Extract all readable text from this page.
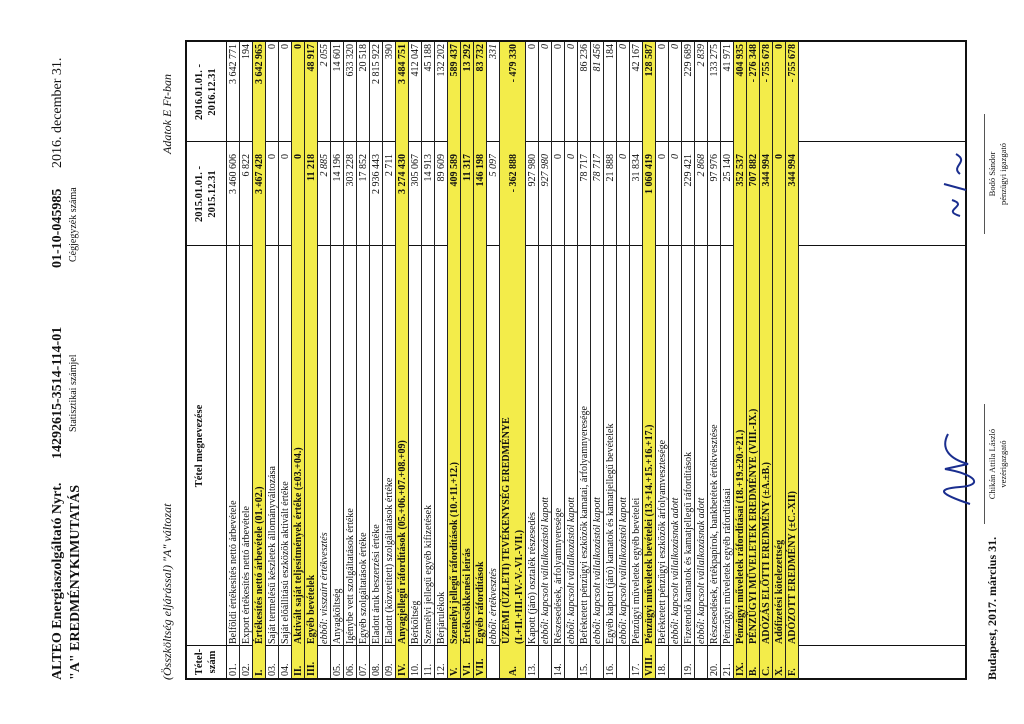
ALTEO Energiaszolgáltató Nyrt. "A" EREDMÉNYKIMUTATÁS
14292615-3514-114-01 Statisztikai számjel
01-10-045985 Cégjegyzék száma
2016. december 31.
(Összköltség eljárással) "A" változat
Adatok E Ft-ban
Tétel-
szám
Tétel megnevezése
2015.01.01. -
2015.12.31
2016.01.01. -
2016.12.31
01.
Belföldi értékesítés nettó árbevétele
3 460 606
3 642 771
02.
Export értékesítés nettó árbevétele
6 822
194
I.
Értékesítés nettó árbevétele (01.+02.)
3 467 428
3 642 965
03.
Saját termelésű készletek állományváltozása
0
0
04.
Saját előállítású eszközök aktivált értéke
0
0
II.
Aktivált saját teljesítmények értéke (±03.+04.)
0
0
III.
Egyéb bevételek
11 218
48 917
ebből: visszaírt értékvesztés
2 885
2 055
05.
Anyagköltség
14 196
14 601
06.
Igénybe vett szolgáltatások értéke
303 228
633 320
07.
Egyéb szolgáltatások értéke
17 852
20 518
08.
Eladott áruk beszerzési értéke
2 936 443
2 815 922
09.
Eladott (közvetített) szolgáltatások értéke
2 711
390
IV.
Anyagjellegű ráfordítások (05.+06.+07.+08.+09)
3 274 430
3 484 751
10.
Bérköltség
305 067
412 047
11.
Személyi jellegű egyéb kifizetések
14 913
45 188
12.
Bérjárulékok
89 609
132 202
V.
Személyi jellegű ráfordítások (10.+11.+12.)
409 589
589 437
VI.
Értékcsökkenési leírás
11 317
13 292
VII.
Egyéb ráfordítások
146 198
83 732
ebből: értékvesztés
5 097
331
A.
ÜZEMI (ÜZLETI) TEVÉKENYSÉG EREDMÉNYE
(I.+II.+III.-IV.-V.-VI.-VII.)
- 362 888
- 479 330
13.
Kapott (járó) osztalék részesedés
927 980
0
ebből: kapcsolt vállalkozástól kapott
927 980
0
14.
Részesedések, árfolyamnyeresége
0
0
ebből: kapcsolt vállalkozástól kapott
0
0
15.
Befektetett pénzügyi eszközök kamatai, árfolyamnyeresége
78 717
86 236
ebből: kapcsolt vállalkozástól kapott
78 717
81 456
16.
Egyéb kapott (járó) kamatok és kamatjellegű bevételek
21 888
184
ebből: kapcsolt vállalkozástól kapott
0
0
17.
Pénzügyi műveletek egyéb bevételei
31 834
42 167
VIII.
Pénzügyi műveletek bevételei (13.+14.+15.+16.+17.)
1 060 419
128 587
18.
Befektetett pénzügyi eszközök árfolyamvesztesége
0
0
ebből: kapcsolt vállalkozásnak adott
0
0
19.
Fizetendő kamatok és kamatjellegű ráfordítások
229 421
229 689
ebből: kapcsolt vállalkozásnak adott
2 868
2 839
20.
Részesedések, értékpapírok, bankbetétek értékvesztése
97 976
133 275
21.
Pénzügyi műveletek egyéb ráfordításai
25 140
41 971
IX.
Pénzügyi műveletek ráfordításai (18.+19.±20.+21.)
352 537
404 935
B.
PÉNZÜGYI MŰVELETEK EREDMÉNYE (VIII.-IX.)
707 882
- 276 348
C.
ADÓZÁS ELŐTTI EREDMÉNY (±A.±B.)
344 994
- 755 678
X.
Adófizetési kötelezettség
0
0
F.
ADÓZOTT EREDMÉNY (±C.-XII)
344 994
- 755 678
Budapest, 2017. március 31.
Chikán Attila László vezérigazgató
Bodó Sándor pénzügyi igazgató
